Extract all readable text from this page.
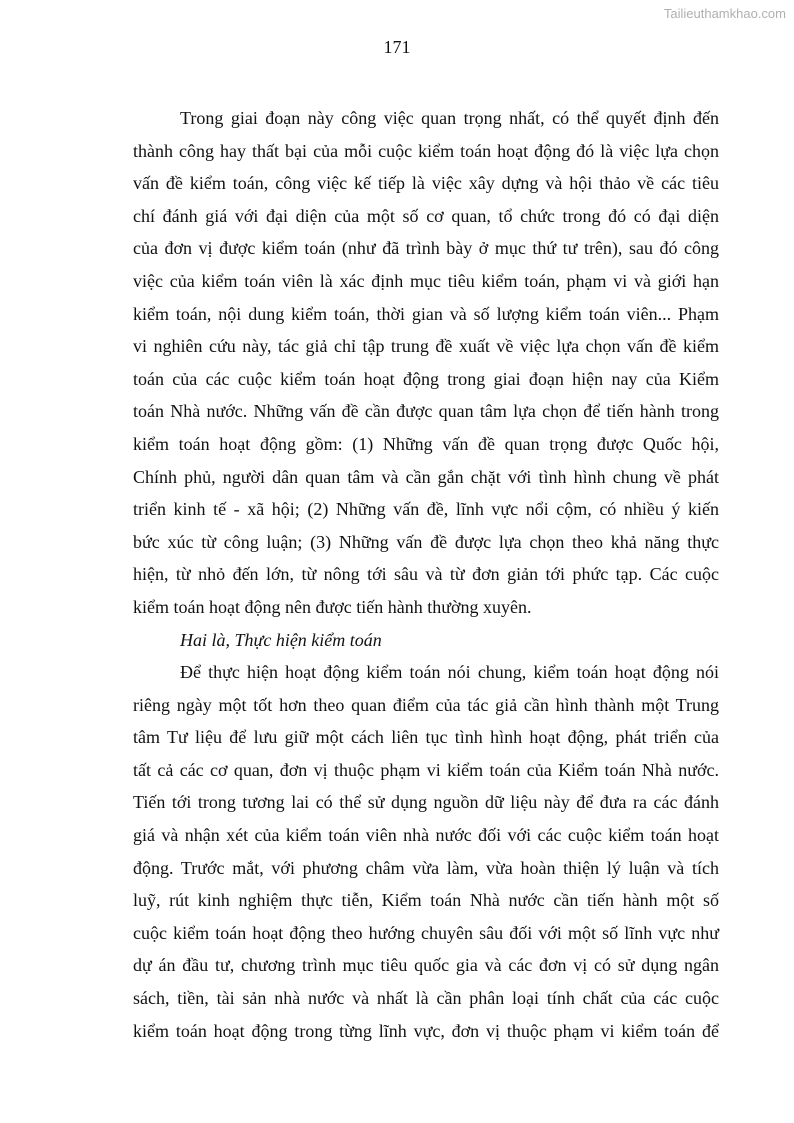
Tailieuthamkhao.com
171
Trong giai đoạn này công việc quan trọng nhất, có thể quyết định đến
thành công hay thất bại của mỗi cuộc kiểm toán hoạt động đó là việc lựa chọn
vấn đề kiểm toán, công việc kế tiếp là việc xây dựng và hội thảo về các tiêu
chí đánh giá với đại diện của một số cơ quan, tổ chức trong đó có đại diện
của đơn vị được kiểm toán (như đã trình bày ở mục thứ tư trên), sau đó công
việc của kiểm toán viên là xác định mục tiêu kiểm toán, phạm vi và giới hạn
kiểm toán, nội dung kiểm toán, thời gian và số lượng kiểm toán viên... Phạm
vi nghiên cứu này, tác giả chỉ tập trung đề xuất về việc lựa chọn vấn đề kiểm
toán của các cuộc kiểm toán hoạt động trong giai đoạn hiện nay của Kiểm
toán Nhà nước. Những vấn đề cần được quan tâm lựa chọn để tiến hành trong
kiểm toán hoạt động gồm: (1) Những vấn đề quan trọng được Quốc hội,
Chính phủ, người dân quan tâm và cần gắn chặt với tình hình chung về phát
triển kinh tế - xã hội; (2) Những vấn đề, lĩnh vực nổi cộm, có nhiều ý kiến
bức xúc từ công luận; (3) Những vấn đề được lựa chọn theo khả năng thực
hiện, từ nhỏ đến lớn, từ nông tới sâu và từ đơn giản tới phức tạp. Các cuộc
kiểm toán hoạt động nên được tiến hành thường xuyên.
Hai là, Thực hiện kiểm toán
Để thực hiện hoạt động kiểm toán nói chung, kiểm toán hoạt động nói
riêng ngày một tốt hơn theo quan điểm của tác giả cần hình thành một Trung
tâm Tư liệu để lưu giữ một cách liên tục tình hình hoạt động, phát triển của
tất cả các cơ quan, đơn vị thuộc phạm vi kiểm toán của Kiểm toán Nhà nước.
Tiến tới trong tương lai có thể sử dụng nguồn dữ liệu này để đưa ra các đánh
giá và nhận xét của kiểm toán viên nhà nước đối với các cuộc kiểm toán hoạt
động. Trước mắt, với phương châm vừa làm, vừa hoàn thiện lý luận và tích
luỹ, rút kinh nghiệm thực tiễn, Kiểm toán Nhà nước cần tiến hành một số
cuộc kiểm toán hoạt động theo hướng chuyên sâu đối với một số lĩnh vực như
dự án đầu tư, chương trình mục tiêu quốc gia và các đơn vị có sử dụng ngân
sách, tiền, tài sản nhà nước và nhất là cần phân loại tính chất của các cuộc
kiểm toán hoạt động trong từng lĩnh vực, đơn vị thuộc phạm vi kiểm toán để
